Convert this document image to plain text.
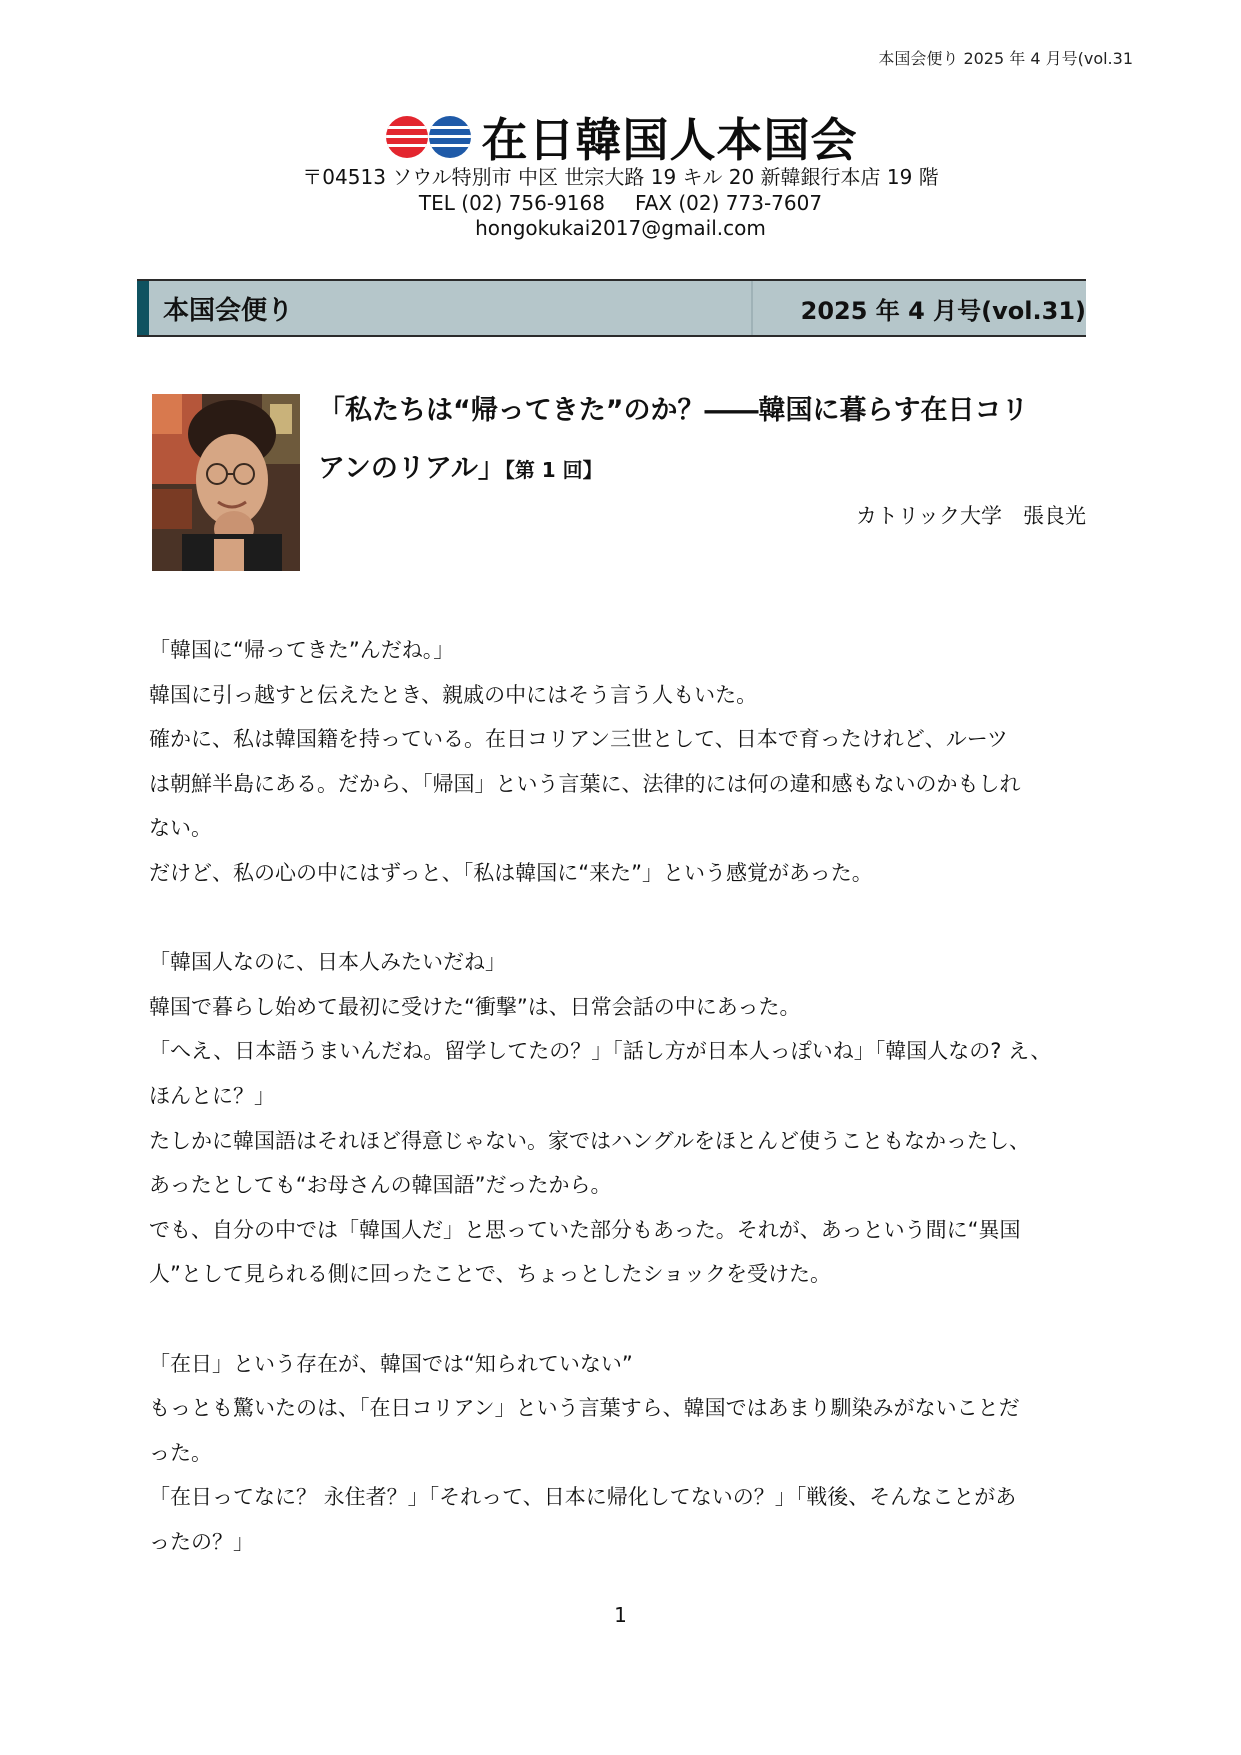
本国会便り 2025 年 4 月号(vol.31
在日韓国人本国会
〒04513 ソウル特別市 中区 世宗大路 19 キル 20 新韓銀行本店 19 階
TEL (02) 756-9168 FAX (02) 773-7607
hongokukai2017@gmail.com
本国会便り	2025 年 4 月号(vol.31)

「私たちは“帰ってきた”のか？――韓国に暮らす在日コリ
アンのリアル」【第 1 回】

カトリック大学　張良光

「韓国に“帰ってきた”んだね。」

韓国に引っ越すと伝えたとき、親戚の中にはそう言う人もいた。

確かに、私は韓国籍を持っている。在日コリアン三世として、日本で育ったけれど、ルーツ

は朝鮮半島にある。だから、「帰国」という言葉に、法律的には何の違和感もないのかもしれ

ない。

だけど、私の心の中にはずっと、「私は韓国に“来た”」という感覚があった。

「韓国人なのに、日本人みたいだね」

韓国で暮らし始めて最初に受けた“衝撃”は、日常会話の中にあった。

「へえ、日本語うまいんだね。留学してたの？」「話し方が日本人っぽいね」「韓国人なの? え、

ほんとに？」

たしかに韓国語はそれほど得意じゃない。家ではハングルをほとんど使うこともなかったし、

あったとしても“お母さんの韓国語”だったから。

でも、自分の中では「韓国人だ」と思っていた部分もあった。それが、あっという間に“異国

人”として見られる側に回ったことで、ちょっとしたショックを受けた。

「在日」という存在が、韓国では“知られていない”

もっとも驚いたのは、「在日コリアン」という言葉すら、韓国ではあまり馴染みがないことだ

った。

「在日ってなに？ 永住者？」「それって、日本に帰化してないの？」「戦後、そんなことがあ

ったの？」

1
